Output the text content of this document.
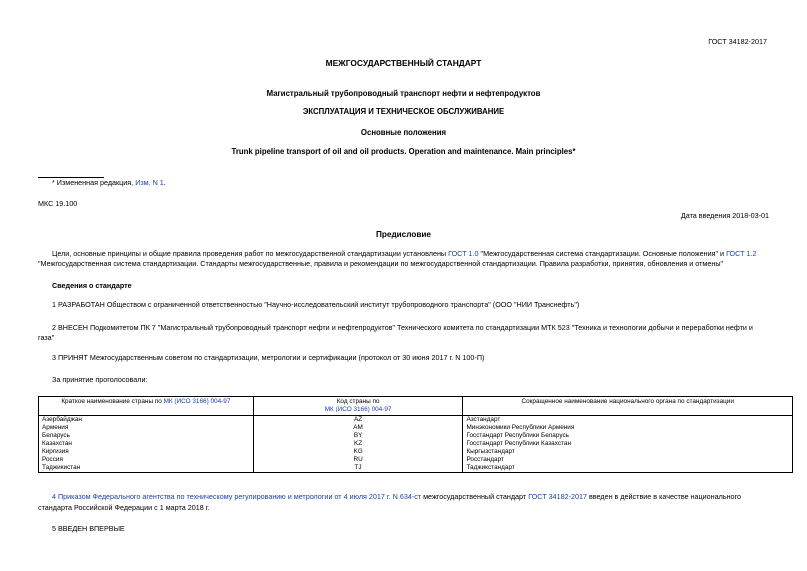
ГОСТ 34182-2017
МЕЖГОСУДАРСТВЕННЫЙ СТАНДАРТ
Магистральный трубопроводный транспорт нефти и нефтепродуктов
ЭКСПЛУАТАЦИЯ И ТЕХНИЧЕСКОЕ ОБСЛУЖИВАНИЕ
Основные положения
Trunk pipeline transport of oil and oil products. Operation and maintenance. Main principles*
* Измененная редакция, Изм. N 1.
МКС 19.100
Дата введения 2018-03-01
Предисловие
Цели, основные принципы и общие правила проведения работ по межгосударственной стандартизации установлены ГОСТ 1.0 "Межгосударственная система стандартизации. Основные положения" и ГОСТ 1.2
"Межгосударственная система стандартизации. Стандарты межгосударственные, правила и рекомендации по межгосударственной стандартизации. Правила разработки, принятия, обновления и отмены"
Сведения о стандарте
1 РАЗРАБОТАН Обществом с ограниченной ответственностью "Научно-исследовательский институт трубопроводного транспорта" (ООО "НИИ Транснефть")
2 ВНЕСЕН Подкомитетом ПК 7 "Магистральный трубопроводный транспорт нефти и нефтепродуктов" Технического комитета по стандартизации МТК 523 "Техника и технологии добычи и переработки нефти и
газа"
3 ПРИНЯТ Межгосударственным советом по стандартизации, метрологии и сертификации (протокол от 30 июня 2017 г. N 100-П)
За принятие проголосовали:
Краткое наименование страны по МК (ИСО 3166) 004-97	Код страны по
МК (ИСО 3166) 004-97	Сокращенное наименование национального органа по стандартизации
Азербайджан	AZ	Азстандарт
Армения	AM	Минэкономики Республики Армения
Беларусь	BY	Госстандарт Республики Беларусь
Казахстан	KZ	Госстандарт Республики Казахстан
Киргизия	KG	Кыргызстандарт
Россия	RU	Росстандарт
Таджикистан	TJ	Таджикстандарт
4 Приказом Федерального агентства по техническому регулированию и метрологии от 4 июля 2017 г. N 634-ст межгосударственный стандарт ГОСТ 34182-2017 введен в действие в качестве национального
стандарта Российской Федерации с 1 марта 2018 г.
5 ВВЕДЕН ВПЕРВЫЕ
